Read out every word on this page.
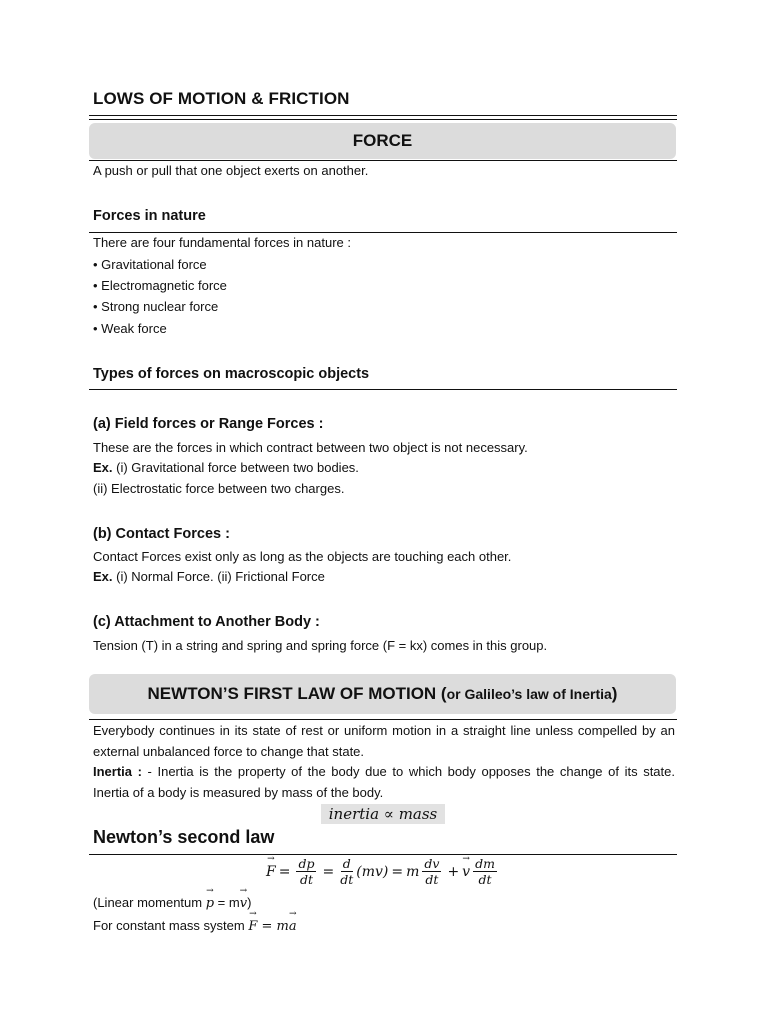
LOWS OF MOTION & FRICTION
FORCE
A push or pull that one object exerts on another.
Forces in nature
There are four fundamental forces in nature :
• Gravitational force
• Electromagnetic force
• Strong nuclear force
• Weak force
Types of forces on macroscopic objects
(a) Field forces or Range Forces :
These are the forces in which contract between two object is not necessary.
Ex. (i) Gravitational force between two bodies.
(ii) Electrostatic force between two charges.
(b) Contact Forces :
Contact Forces exist only as long as the objects are touching each other.
Ex. (i) Normal Force. (ii) Frictional Force
(c) Attachment to Another Body :
Tension (T) in a string and spring and spring force (F = kx) comes in this group.
NEWTON’S FIRST LAW OF MOTION (or Galileo’s law of Inertia)
Everybody continues in its state of rest or uniform motion in a straight line unless compelled by an external unbalanced force to change that state.
Inertia : - Inertia is the property of the body due to which body opposes the change of its state. Inertia of a body is measured by mass of the body.
inertia ∝ mass
Newton’s second law
→ $F = \frac{dp}{dt} = \frac{d}{dt} (mv) = m \frac{dv}{dt}$ +
→ v $\frac{dm}{dt}$
(Linear momentum → p = m→ v)
For constant mass system → F = m→ a
